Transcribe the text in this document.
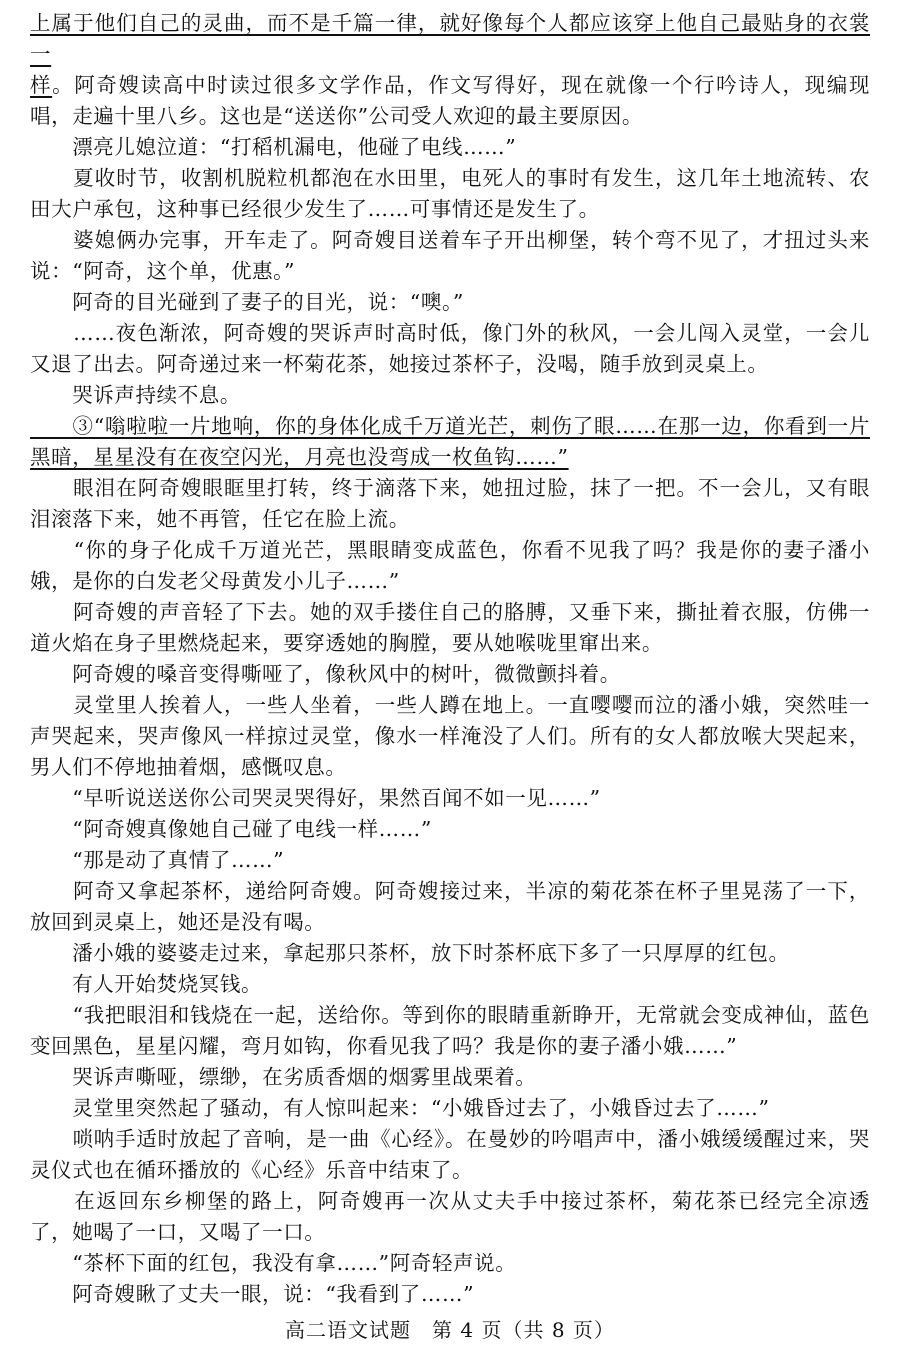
上属于他们自己的灵曲，而不是千篇一律，就好像每个人都应该穿上他自己最贴身的衣裳一

样。阿奇嫂读高中时读过很多文学作品，作文写得好，现在就像一个行吟诗人，现编现唱，走遍十里八乡。这也是“送送你”公司受人欢迎的最主要原因。

　　漂亮儿媳泣道：“打稻机漏电，他碰了电线……”

　　夏收时节，收割机脱粒机都泡在水田里，电死人的事时有发生，这几年土地流转、农田大户承包，这种事已经很少发生了……可事情还是发生了。

　　婆媳俩办完事，开车走了。阿奇嫂目送着车子开出柳堡，转个弯不见了，才扭过头来说：“阿奇，这个单，优惠。”

　　阿奇的目光碰到了妻子的目光，说：“噢。”

　　……夜色渐浓，阿奇嫂的哭诉声时高时低，像门外的秋风，一会儿闯入灵堂，一会儿又退了出去。阿奇递过来一杯菊花茶，她接过茶杯子，没喝，随手放到灵桌上。

　　哭诉声持续不息。

　　③“嗡啦啦一片地响，你的身体化成千万道光芒，刺伤了眼……在那一边，你看到一片黑暗，星星没有在夜空闪光，月亮也没弯成一枚鱼钩……”

　　眼泪在阿奇嫂眼眶里打转，终于滴落下来，她扭过脸，抹了一把。不一会儿，又有眼泪滚落下来，她不再管，任它在脸上流。

　　“你的身子化成千万道光芒，黑眼睛变成蓝色，你看不见我了吗？我是你的妻子潘小娥，是你的白发老父母黄发小儿子……”

　　阿奇嫂的声音轻了下去。她的双手搂住自己的胳膊，又垂下来，撕扯着衣服，仿佛一道火焰在身子里燃烧起来，要穿透她的胸膛，要从她喉咙里窜出来。

　　阿奇嫂的嗓音变得嘶哑了，像秋风中的树叶，微微颤抖着。

　　灵堂里人挨着人，一些人坐着，一些人蹲在地上。一直嘤嘤而泣的潘小娥，突然哇一声哭起来，哭声像风一样掠过灵堂，像水一样淹没了人们。所有的女人都放喉大哭起来，男人们不停地抽着烟，感慨叹息。

　　“早听说送送你公司哭灵哭得好，果然百闻不如一见……”

　　“阿奇嫂真像她自己碰了电线一样……”

　　“那是动了真情了……”

　　阿奇又拿起茶杯，递给阿奇嫂。阿奇嫂接过来，半凉的菊花茶在杯子里晃荡了一下，放回到灵桌上，她还是没有喝。

　　潘小娥的婆婆走过来，拿起那只茶杯，放下时茶杯底下多了一只厚厚的红包。

　　有人开始焚烧冥钱。

　　“我把眼泪和钱烧在一起，送给你。等到你的眼睛重新睁开，无常就会变成神仙，蓝色变回黑色，星星闪耀，弯月如钩，你看见我了吗？我是你的妻子潘小娥……”

　　哭诉声嘶哑，缥缈，在劣质香烟的烟雾里战栗着。

　　灵堂里突然起了骚动，有人惊叫起来：“小娥昏过去了，小娥昏过去了……”

　　唢呐手适时放起了音响，是一曲《心经》。在曼妙的吟唱声中，潘小娥缓缓醒过来，哭灵仪式也在循环播放的《心经》乐音中结束了。

　　在返回东乡柳堡的路上，阿奇嫂再一次从丈夫手中接过茶杯，菊花茶已经完全凉透了，她喝了一口，又喝了一口。

　　“茶杯下面的红包，我没有拿……”阿奇轻声说。

　　阿奇嫂瞅了丈夫一眼，说：“我看到了……”

高二语文试题　第 4 页（共 8 页）
